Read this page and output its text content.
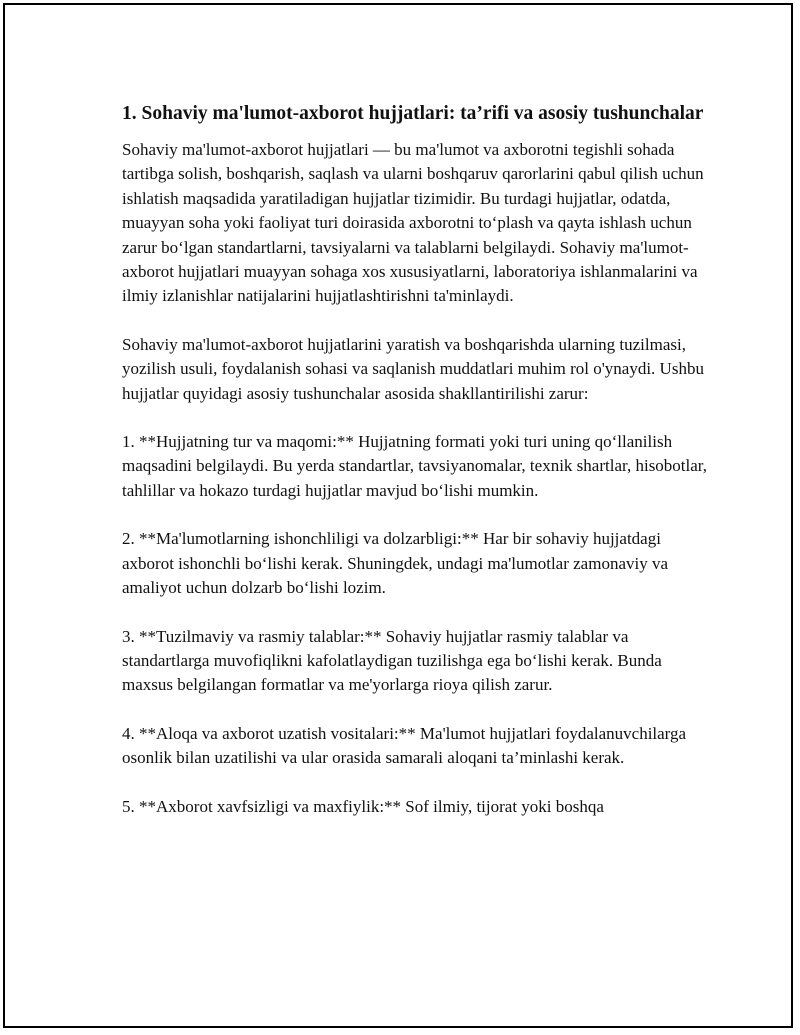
1. Sohaviy ma'lumot-axborot hujjatlari: ta’rifi va asosiy tushunchalar

Sohaviy ma'lumot-axborot hujjatlari — bu ma'lumot va axborotni tegishli sohada tartibga solish, boshqarish, saqlash va ularni boshqaruv qarorlarini qabul qilish uchun ishlatish maqsadida yaratiladigan hujjatlar tizimidir. Bu turdagi hujjatlar, odatda, muayyan soha yoki faoliyat turi doirasida axborotni to‘plash va qayta ishlash uchun zarur bo‘lgan standartlarni, tavsiyalarni va talablarni belgilaydi. Sohaviy ma'lumot-axborot hujjatlari muayyan sohaga xos xususiyatlarni, laboratoriya ishlanmalarini va ilmiy izlanishlar natijalarini hujjatlashtirishni ta'minlaydi.

Sohaviy ma'lumot-axborot hujjatlarini yaratish va boshqarishda ularning tuzilmasi, yozilish usuli, foydalanish sohasi va saqlanish muddatlari muhim rol o'ynaydi. Ushbu hujjatlar quyidagi asosiy tushunchalar asosida shakllantirilishi zarur:

1. **Hujjatning tur va maqomi:** Hujjatning formati yoki turi uning qo‘llanilish maqsadini belgilaydi. Bu yerda standartlar, tavsiyanomalar, texnik shartlar, hisobotlar, tahlillar va hokazo turdagi hujjatlar mavjud bo‘lishi mumkin.

2. **Ma'lumotlarning ishonchliligi va dolzarbligi:** Har bir sohaviy hujjatdagi axborot ishonchli bo‘lishi kerak. Shuningdek, undagi ma'lumotlar zamonaviy va amaliyot uchun dolzarb bo‘lishi lozim.

3. **Tuzilmaviy va rasmiy talablar:** Sohaviy hujjatlar rasmiy talablar va standartlarga muvofiqlikni kafolatlaydigan tuzilishga ega bo‘lishi kerak. Bunda maxsus belgilangan formatlar va me'yorlarga rioya qilish zarur.

4. **Aloqa va axborot uzatish vositalari:** Ma'lumot hujjatlari foydalanuvchilarga osonlik bilan uzatilishi va ular orasida samarali aloqani ta’minlashi kerak.

5. **Axborot xavfsizligi va maxfiylik:** Sof ilmiy, tijorat yoki boshqa
